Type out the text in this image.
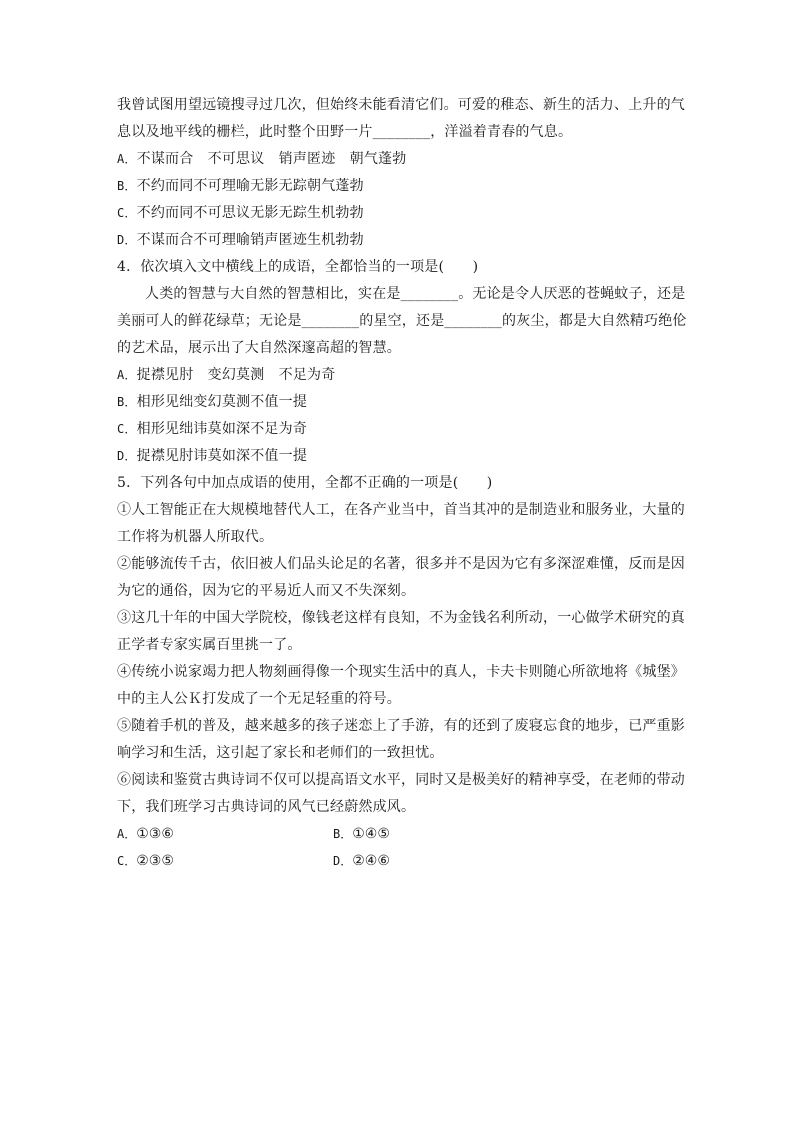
我曾试图用望远镜搜寻过几次，但始终未能看清它们。可爱的稚态、新生的活力、上升的气
息以及地平线的栅栏，此时整个田野一片________，洋溢着青春的气息。
A．不谋而合　不可思议　销声匿迹　朝气蓬勃
B．不约而同不可理喻无影无踪朝气蓬勃
C．不约而同不可思议无影无踪生机勃勃
D．不谋而合不可理喻销声匿迹生机勃勃
4．依次填入文中横线上的成语，全都恰当的一项是(　　)
人类的智慧与大自然的智慧相比，实在是________。无论是令人厌恶的苍蝇蚊子，还是
美丽可人的鲜花绿草；无论是________的星空，还是________的灰尘，都是大自然精巧绝伦
的艺术品，展示出了大自然深邃高超的智慧。
A．捉襟见肘　变幻莫测　不足为奇
B．相形见绌变幻莫测不值一提
C．相形见绌讳莫如深不足为奇
D．捉襟见肘讳莫如深不值一提
5．下列各句中加点成语的使用，全都不正确的一项是(　　)
①人工智能正在大规模地替代人工，在各产业当中，首当其冲的是制造业和服务业，大量的
工作将为机器人所取代。
②能够流传千古，依旧被人们品头论足的名著，很多并不是因为它有多深涩难懂，反而是因
为它的通俗，因为它的平易近人而又不失深刻。
③这几十年的中国大学院校，像钱老这样有良知，不为金钱名利所动，一心做学术研究的真
正学者专家实属百里挑一了。
④传统小说家竭力把人物刻画得像一个现实生活中的真人，卡夫卡则随心所欲地将《城堡》
中的主人公Ｋ打发成了一个无足轻重的符号。
⑤随着手机的普及，越来越多的孩子迷恋上了手游，有的还到了废寝忘食的地步，已严重影
响学习和生活，这引起了家长和老师们的一致担忧。
⑥阅读和鉴赏古典诗词不仅可以提高语文水平，同时又是极美好的精神享受，在老师的带动
下，我们班学习古典诗词的风气已经蔚然成风。
A．①③⑥	B．①④⑤
C．②③⑤	D．②④⑥
